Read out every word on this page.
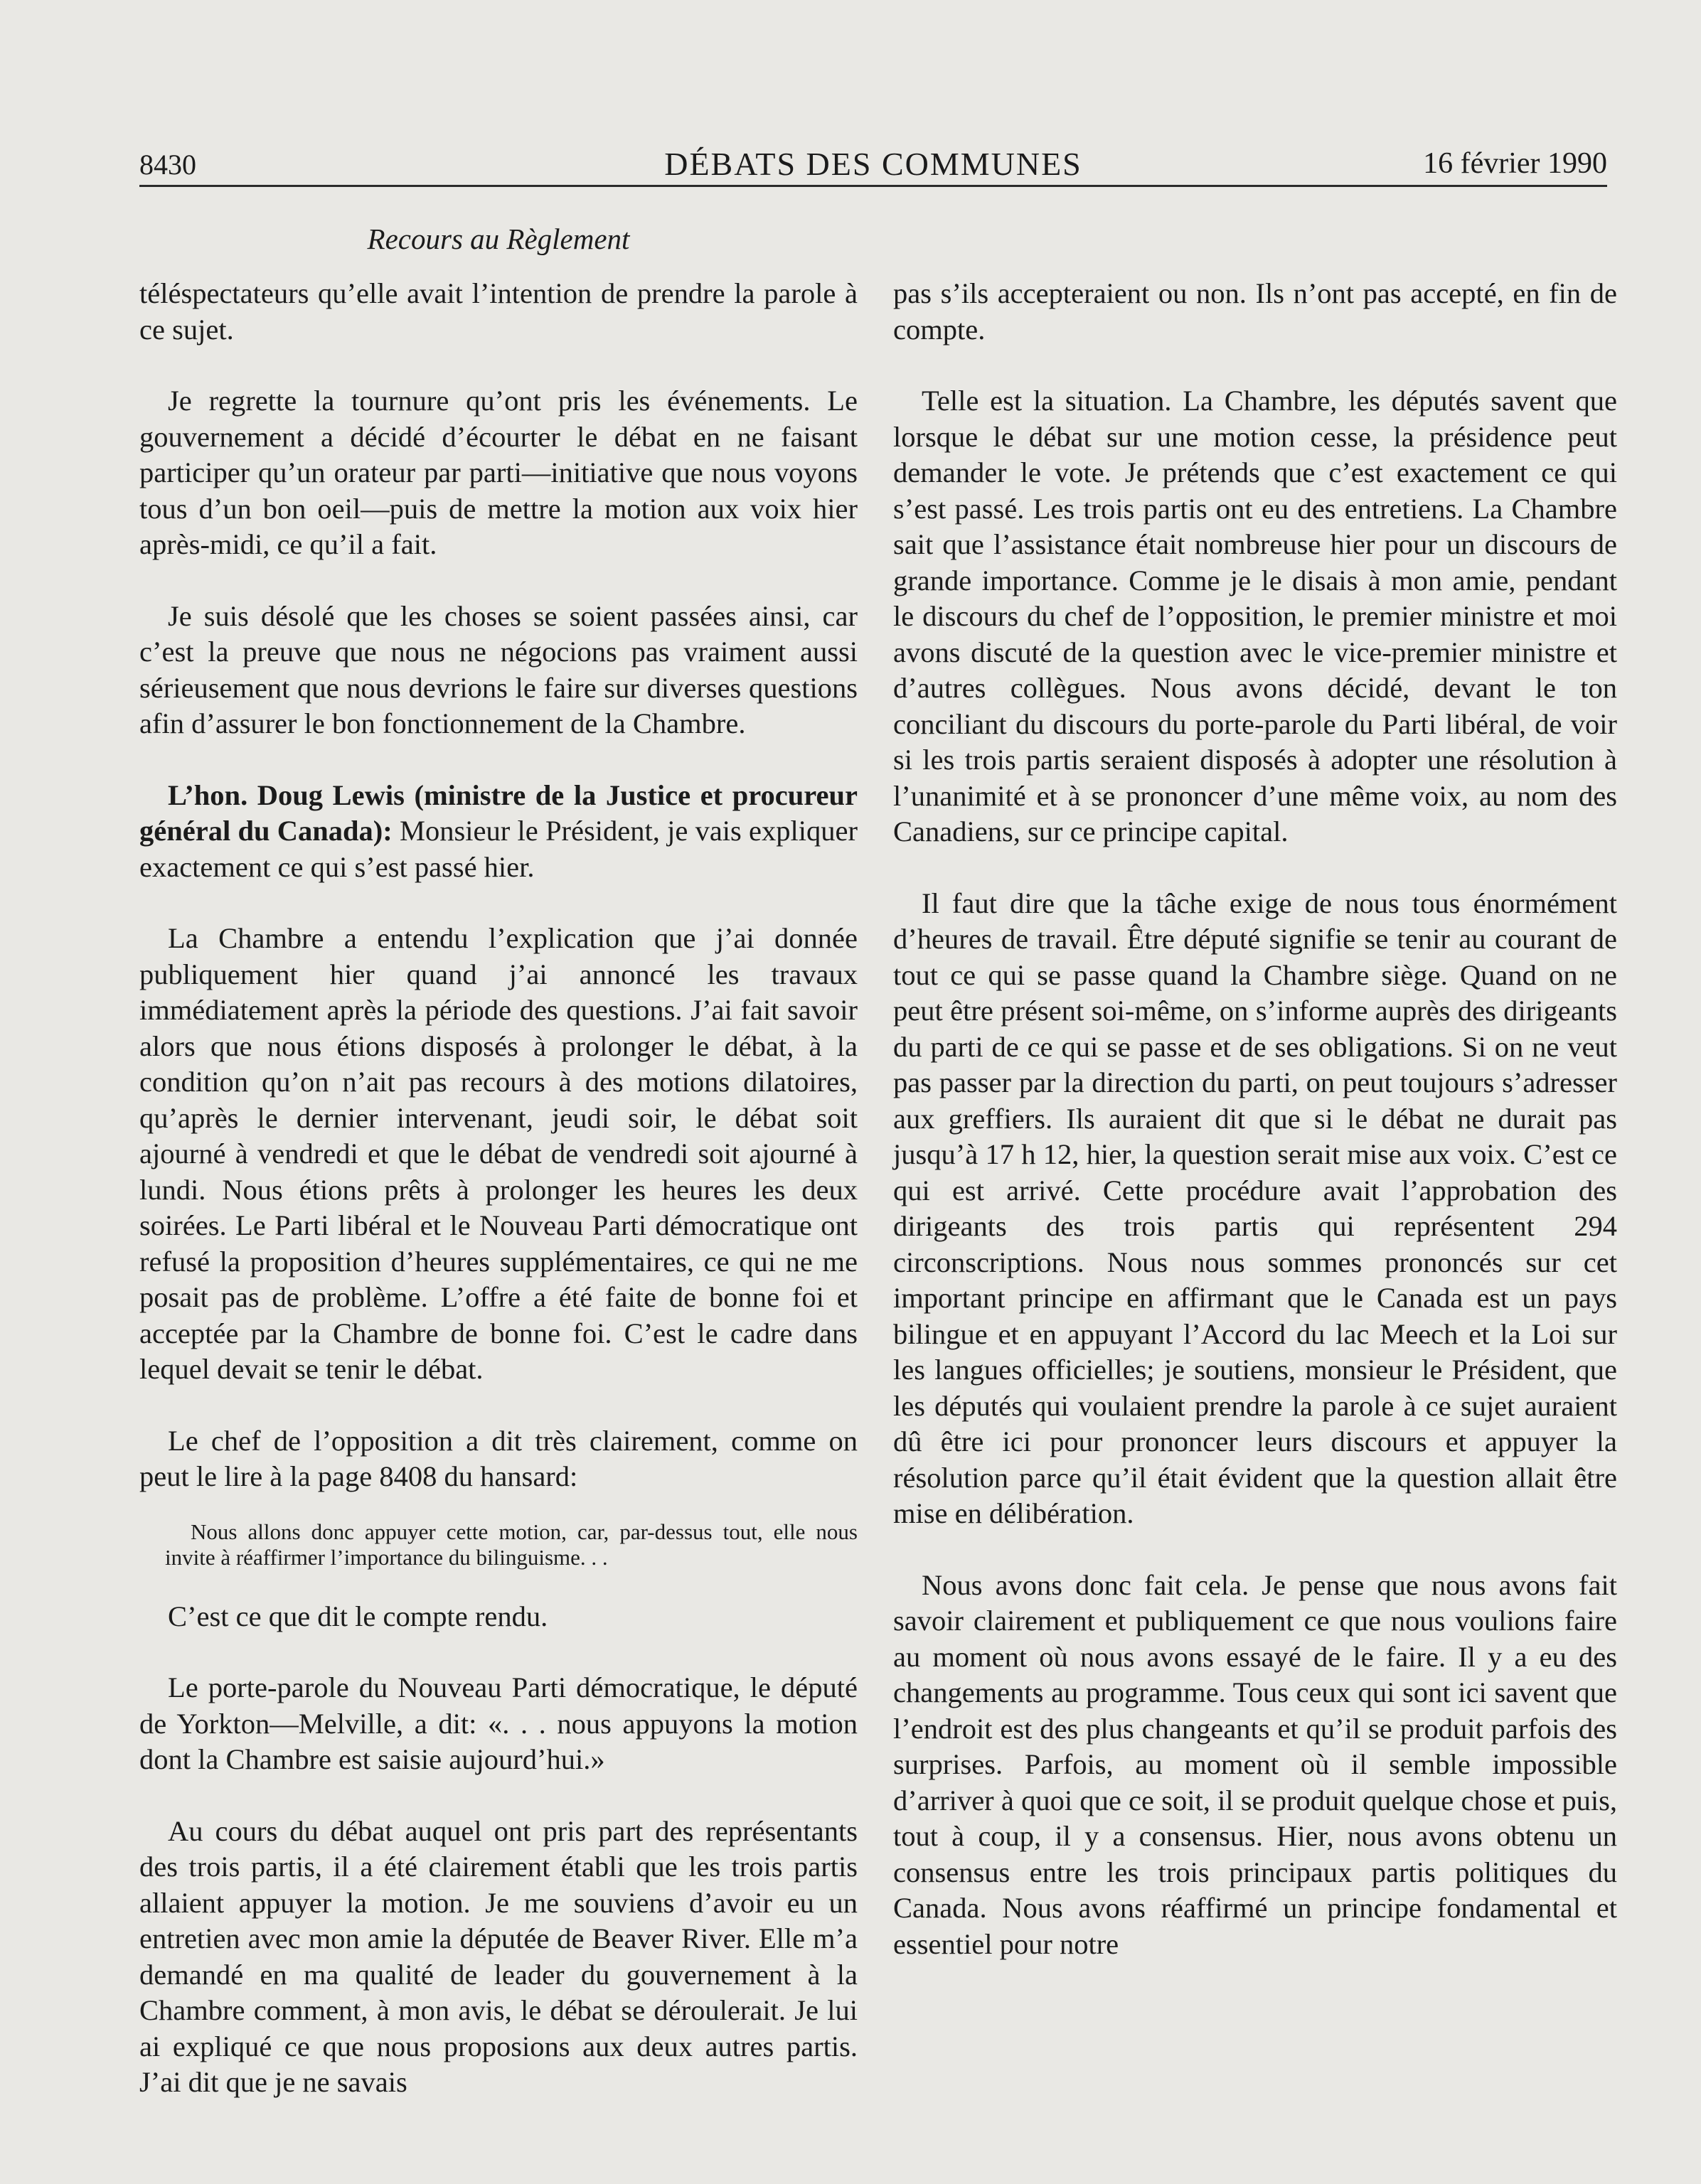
8430	DÉBATS DES COMMUNES	16 février 1990
Recours au Règlement

téléspectateurs qu’elle avait l’intention de prendre la parole à ce sujet.

Je regrette la tournure qu’ont pris les événements. Le gouvernement a décidé d’écourter le débat en ne faisant participer qu’un orateur par parti—initiative que nous voyons tous d’un bon oeil—puis de mettre la motion aux voix hier après-midi, ce qu’il a fait.

Je suis désolé que les choses se soient passées ainsi, car c’est la preuve que nous ne négocions pas vraiment aussi sérieusement que nous devrions le faire sur diverses questions afin d’assurer le bon fonctionnement de la Chambre.

L’hon. Doug Lewis (ministre de la Justice et procureur général du Canada): Monsieur le Président, je vais expliquer exactement ce qui s’est passé hier.

La Chambre a entendu l’explication que j’ai donnée publiquement hier quand j’ai annoncé les travaux immédiatement après la période des questions. J’ai fait savoir alors que nous étions disposés à prolonger le débat, à la condition qu’on n’ait pas recours à des motions dilatoires, qu’après le dernier intervenant, jeudi soir, le débat soit ajourné à vendredi et que le débat de vendredi soit ajourné à lundi. Nous étions prêts à prolonger les heures les deux soirées. Le Parti libéral et le Nouveau Parti démocratique ont refusé la proposition d’heures supplémentaires, ce qui ne me posait pas de problème. L’offre a été faite de bonne foi et acceptée par la Chambre de bonne foi. C’est le cadre dans lequel devait se tenir le débat.

Le chef de l’opposition a dit très clairement, comme on peut le lire à la page 8408 du hansard:

Nous allons donc appuyer cette motion, car, par-dessus tout, elle nous invite à réaffirmer l’importance du bilinguisme. . .

C’est ce que dit le compte rendu.

Le porte-parole du Nouveau Parti démocratique, le député de Yorkton—Melville, a dit: «. . . nous appuyons la motion dont la Chambre est saisie aujourd’hui.»

Au cours du débat auquel ont pris part des représentants des trois partis, il a été clairement établi que les trois partis allaient appuyer la motion. Je me souviens d’avoir eu un entretien avec mon amie la députée de Beaver River. Elle m’a demandé en ma qualité de leader du gouvernement à la Chambre comment, à mon avis, le débat se déroulerait. Je lui ai expliqué ce que nous proposions aux deux autres partis. J’ai dit que je ne savais

pas s’ils accepteraient ou non. Ils n’ont pas accepté, en fin de compte.

Telle est la situation. La Chambre, les députés savent que lorsque le débat sur une motion cesse, la présidence peut demander le vote. Je prétends que c’est exactement ce qui s’est passé. Les trois partis ont eu des entretiens. La Chambre sait que l’assistance était nombreuse hier pour un discours de grande importance. Comme je le disais à mon amie, pendant le discours du chef de l’opposition, le premier ministre et moi avons discuté de la question avec le vice-premier ministre et d’autres collègues. Nous avons décidé, devant le ton conciliant du discours du porte-parole du Parti libéral, de voir si les trois partis seraient disposés à adopter une résolution à l’unanimité et à se prononcer d’une même voix, au nom des Canadiens, sur ce principe capital.

Il faut dire que la tâche exige de nous tous énormément d’heures de travail. Être député signifie se tenir au courant de tout ce qui se passe quand la Chambre siège. Quand on ne peut être présent soi-même, on s’informe auprès des dirigeants du parti de ce qui se passe et de ses obligations. Si on ne veut pas passer par la direction du parti, on peut toujours s’adresser aux greffiers. Ils auraient dit que si le débat ne durait pas jusqu’à 17 h 12, hier, la question serait mise aux voix. C’est ce qui est arrivé. Cette procédure avait l’approbation des dirigeants des trois partis qui représentent 294 circonscriptions. Nous nous sommes prononcés sur cet important principe en affirmant que le Canada est un pays bilingue et en appuyant l’Accord du lac Meech et la Loi sur les langues officielles; je soutiens, monsieur le Président, que les députés qui voulaient prendre la parole à ce sujet auraient dû être ici pour prononcer leurs discours et appuyer la résolution parce qu’il était évident que la question allait être mise en délibération.

Nous avons donc fait cela. Je pense que nous avons fait savoir clairement et publiquement ce que nous voulions faire au moment où nous avons essayé de le faire. Il y a eu des changements au programme. Tous ceux qui sont ici savent que l’endroit est des plus changeants et qu’il se produit parfois des surprises. Parfois, au moment où il semble impossible d’arriver à quoi que ce soit, il se produit quelque chose et puis, tout à coup, il y a consensus. Hier, nous avons obtenu un consensus entre les trois principaux partis politiques du Canada. Nous avons réaffirmé un principe fondamental et essentiel pour notre
